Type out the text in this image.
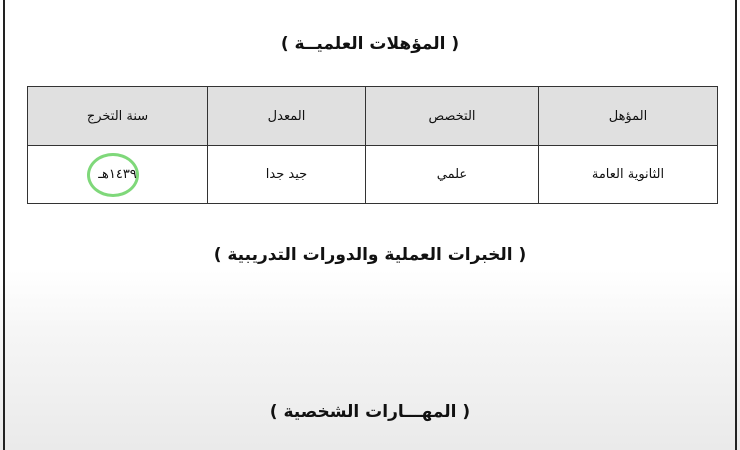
( المؤهلات العلميــة )
المؤهل	التخصص	المعدل	سنة التخرج
الثانوية العامة	علمي	جيد جدا	١٤٣٩هـ
( الخبرات العملية والدورات التدريبية )
( المهـــارات الشخصية )
